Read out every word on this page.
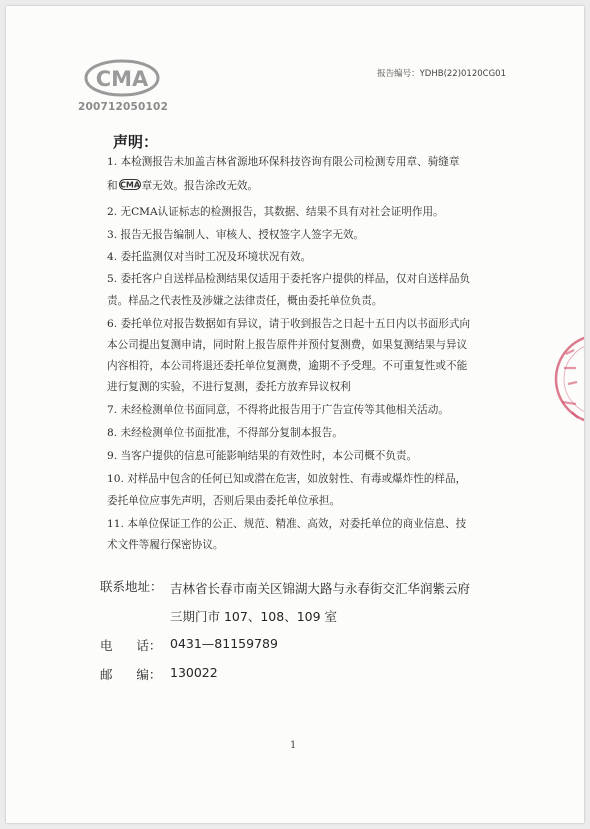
CMA
200712050102
报告编号：YDHB(22)0120CG01
声明：
1. 本检测报告未加盖吉林省源地环保科技咨询有限公司检测专用章、骑缝章
和 CMA 章无效。报告涂改无效。
2. 无CMA认证标志的检测报告，其数据、结果不具有对社会证明作用。
3. 报告无报告编制人、审核人、授权签字人签字无效。
4. 委托监测仅对当时工况及环境状况有效。
5. 委托客户自送样品检测结果仅适用于委托客户提供的样品，仅对自送样品负
责。样品之代表性及涉嫌之法律责任，概由委托单位负责。
6. 委托单位对报告数据如有异议，请于收到报告之日起十五日内以书面形式向
本公司提出复测申请，同时附上报告原件并预付复测费，如果复测结果与异议
内容相符，本公司将退还委托单位复测费，逾期不予受理。不可重复性或不能
进行复测的实验，不进行复测，委托方放弃异议权利
7. 未经检测单位书面同意，不得将此报告用于广告宣传等其他相关活动。
8. 未经检测单位书面批准，不得部分复制本报告。
9. 当客户提供的信息可能影响结果的有效性时，本公司概不负责。
10. 对样品中包含的任何已知或潜在危害，如放射性、有毒或爆炸性的样品，
委托单位应事先声明，否则后果由委托单位承担。
11. 本单位保证工作的公正、规范、精准、高效，对委托单位的商业信息、技
术文件等履行保密协议。
联系地址： 吉林省长春市南关区锦湖大路与永春街交汇华润紫云府
三期门市 107、108、109 室
电      话： 0431—81159789
邮      编： 130022
1
